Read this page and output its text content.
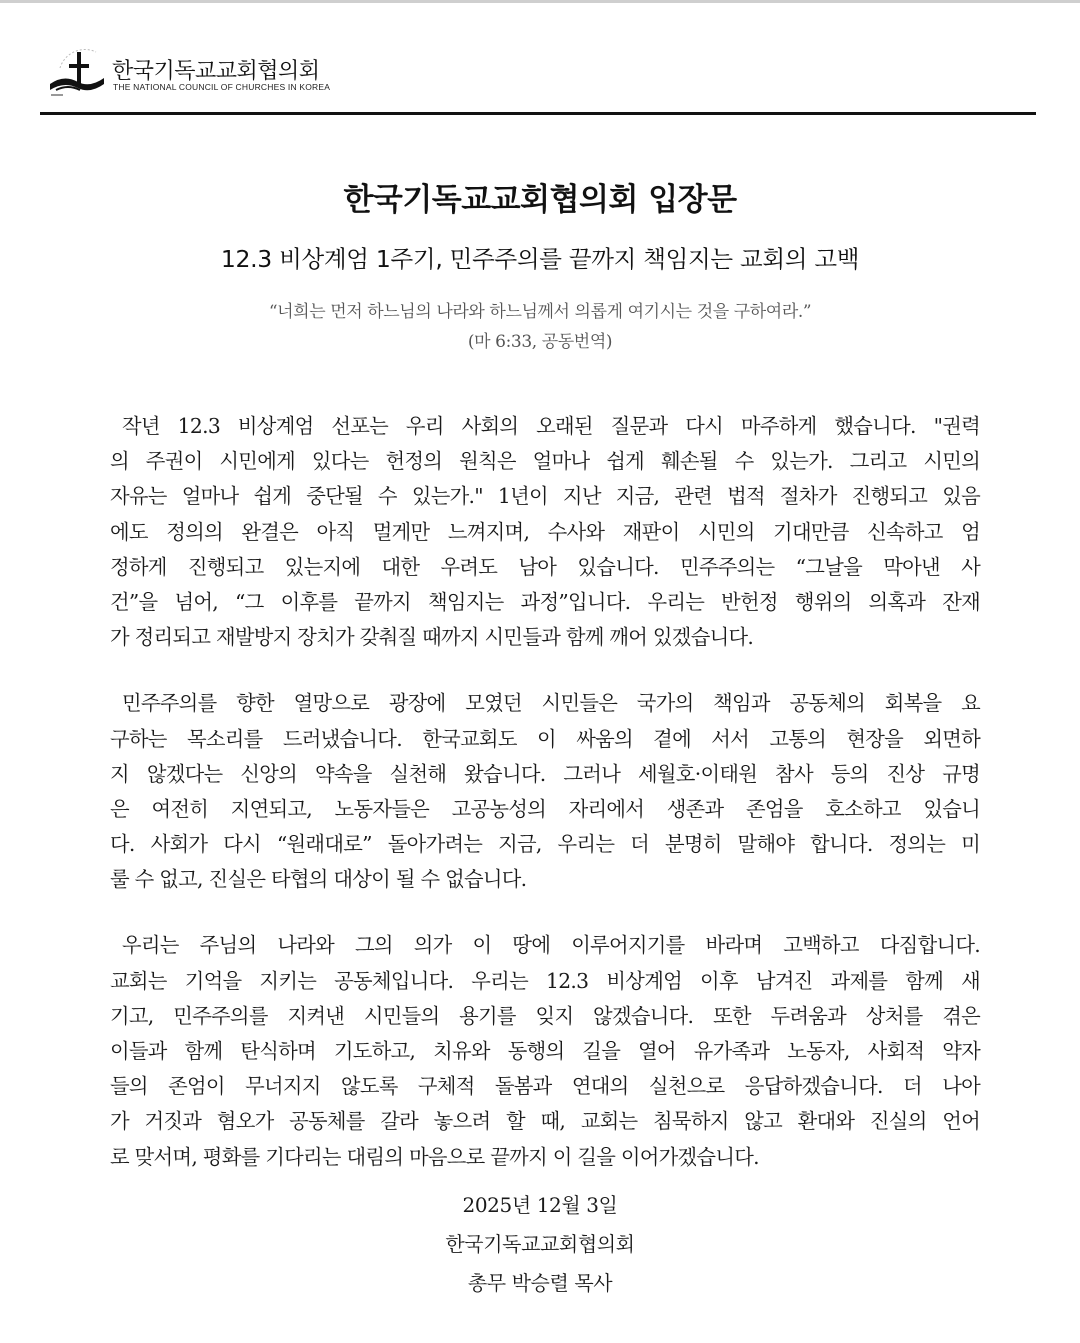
한국기독교교회협의회
THE NATIONAL COUNCIL OF CHURCHES IN KOREA
한국기독교교회협의회 입장문
12.3 비상계엄 1주기, 민주주의를 끝까지 책임지는 교회의 고백
“너희는 먼저 하느님의 나라와 하느님께서 의롭게 여기시는 것을 구하여라.”
(마 6:33, 공동번역)
작년 12.3 비상계엄 선포는 우리 사회의 오래된 질문과 다시 마주하게 했습니다. "권력
의 주권이 시민에게 있다는 헌정의 원칙은 얼마나 쉽게 훼손될 수 있는가. 그리고 시민의
자유는 얼마나 쉽게 중단될 수 있는가." 1년이 지난 지금, 관련 법적 절차가 진행되고 있음
에도 정의의 완결은 아직 멀게만 느껴지며, 수사와 재판이 시민의 기대만큼 신속하고 엄
정하게 진행되고 있는지에 대한 우려도 남아 있습니다. 민주주의는 “그날을 막아낸 사
건”을 넘어, “그 이후를 끝까지 책임지는 과정”입니다. 우리는 반헌정 행위의 의혹과 잔재
가 정리되고 재발방지 장치가 갖춰질 때까지 시민들과 함께 깨어 있겠습니다.
민주주의를 향한 열망으로 광장에 모였던 시민들은 국가의 책임과 공동체의 회복을 요
구하는 목소리를 드러냈습니다. 한국교회도 이 싸움의 곁에 서서 고통의 현장을 외면하
지 않겠다는 신앙의 약속을 실천해 왔습니다. 그러나 세월호·이태원 참사 등의 진상 규명
은 여전히 지연되고, 노동자들은 고공농성의 자리에서 생존과 존엄을 호소하고 있습니
다. 사회가 다시 “원래대로” 돌아가려는 지금, 우리는 더 분명히 말해야 합니다. 정의는 미
룰 수 없고, 진실은 타협의 대상이 될 수 없습니다.
우리는 주님의 나라와 그의 의가 이 땅에 이루어지기를 바라며 고백하고 다짐합니다.
교회는 기억을 지키는 공동체입니다. 우리는 12.3 비상계엄 이후 남겨진 과제를 함께 새
기고, 민주주의를 지켜낸 시민들의 용기를 잊지 않겠습니다. 또한 두려움과 상처를 겪은
이들과 함께 탄식하며 기도하고, 치유와 동행의 길을 열어 유가족과 노동자, 사회적 약자
들의 존엄이 무너지지 않도록 구체적 돌봄과 연대의 실천으로 응답하겠습니다. 더 나아
가 거짓과 혐오가 공동체를 갈라 놓으려 할 때, 교회는 침묵하지 않고 환대와 진실의 언어
로 맞서며, 평화를 기다리는 대림의 마음으로 끝까지 이 길을 이어가겠습니다.
2025년 12월 3일
한국기독교교회협의회
총무 박승렬 목사
